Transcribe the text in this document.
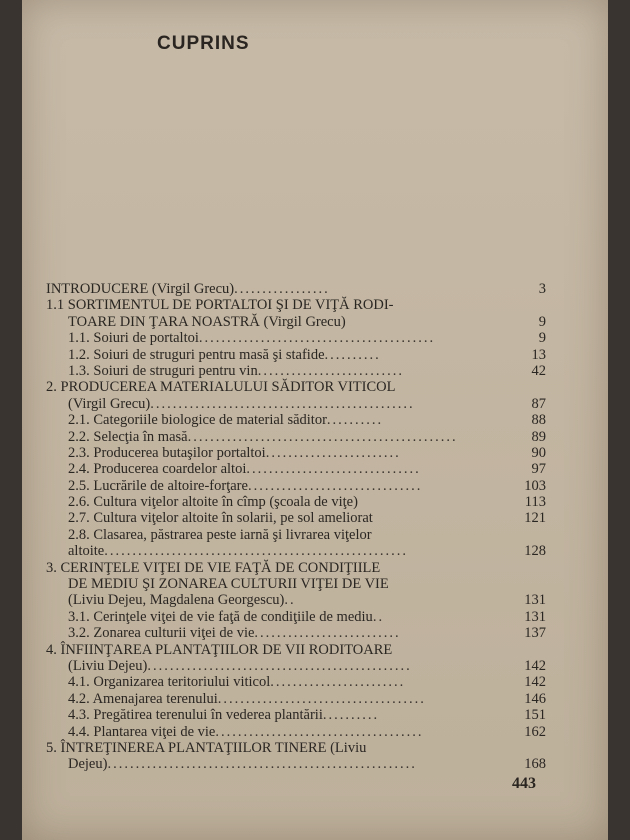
CUPRINS
INTRODUCERE (Virgil Grecu).................	3
1.1 SORTIMENTUL DE PORTALTOI ŞI DE VIŢĂ RODI-
TOARE DIN ŢARA NOASTRĂ (Virgil Grecu)	9
1.1. Soiuri de portaltoi..........................................	9
1.2. Soiuri de struguri pentru masă şi stafide..........	13
1.3. Soiuri de struguri pentru vin..........................	42
2. PRODUCEREA MATERIALULUI SĂDITOR VITICOL
(Virgil Grecu)...............................................	87
2.1. Categoriile biologice de material săditor..........	88
2.2. Selecţia în masă................................................	89
2.3. Producerea butaşilor portaltoi........................	90
2.4. Producerea coardelor altoi...............................	97
2.5. Lucrările de altoire-forţare...............................	103
2.6. Cultura viţelor altoite în cîmp (şcoala de viţe)	113
2.7. Cultura viţelor altoite în solarii, pe sol ameliorat	121
2.8. Clasarea, păstrarea peste iarnă şi livrarea viţelor
altoite......................................................	128
3. CERINŢELE VIŢEI DE VIE FAŢĂ DE CONDIŢIILE
DE MEDIU ŞI ZONAREA CULTURII VIŢEI DE VIE
(Liviu Dejeu, Magdalena Georgescu)..	131
3.1. Cerinţele viţei de vie faţă de condiţiile de mediu..	131
3.2. Zonarea culturii viţei de vie..........................	137
4. ÎNFIINŢAREA PLANTAŢIILOR DE VII RODITOARE
(Liviu Dejeu)...............................................	142
4.1. Organizarea teritoriului viticol........................	142
4.2. Amenajarea terenului.....................................	146
4.3. Pregătirea terenului în vederea plantării..........	151
4.4. Plantarea viţei de vie.....................................	162
5. ÎNTREŢINEREA PLANTAŢIILOR TINERE (Liviu
Dejeu).......................................................	168
443
